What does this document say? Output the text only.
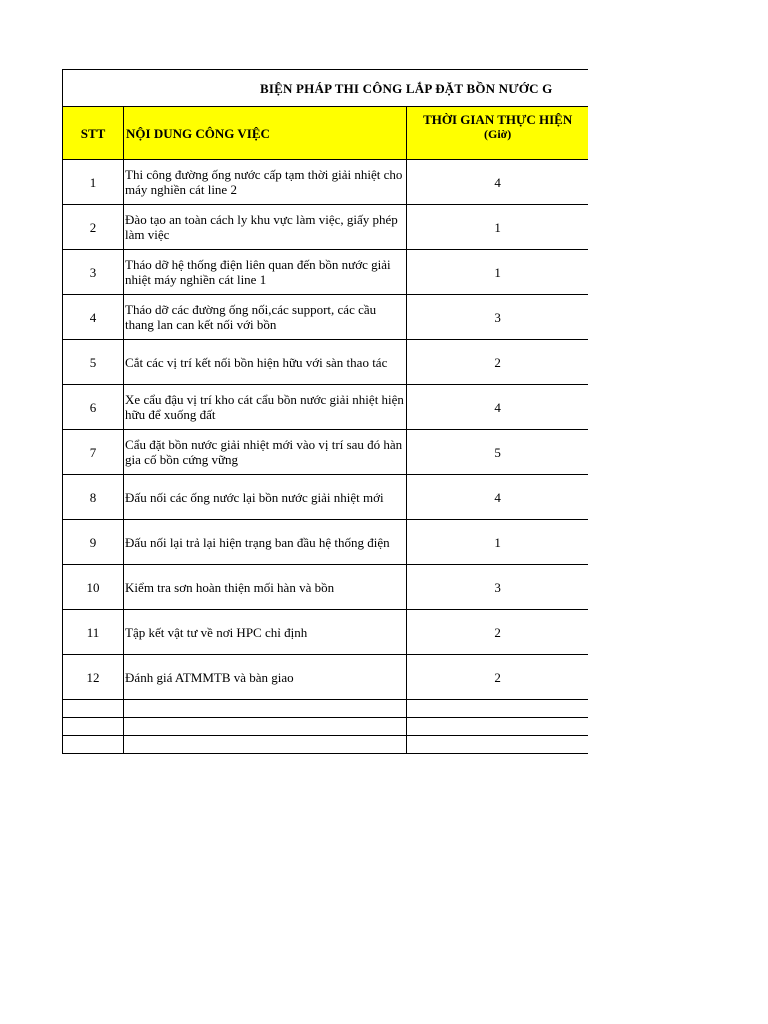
BIỆN PHÁP THI CÔNG LẮP ĐẶT BỒN NƯỚC G		
STT	NỘI DUNG CÔNG VIỆC	THỜI GIAN THỰC HIỆN
(Giờ)

1	Thi công đường ống nước cấp tạm thời giải nhiệt cho máy nghiền cát line 2	4
2	Đào tạo an toàn cách ly khu vực làm việc, giấy phép làm việc	1
3	Tháo dỡ hệ thống điện liên quan đến bồn nước giải nhiệt máy nghiền cát line 1	1
4	Tháo dỡ các đường ống nối,các support, các cầu thang lan can kết nối với bồn	3
5	Cắt các vị trí kết nối bồn hiện hữu với sàn thao tác	2
6	Xe cẩu đậu vị trí kho cát cẩu bồn nước giải nhiệt hiện hữu để xuống đất	4
7	Cẩu đặt bồn nước giải nhiệt mới vào vị trí sau đó hàn gia cố bồn cứng vững	5
8	Đấu nối các ống nước lại bồn nước giải nhiệt mới	4
9	Đấu nối lại trả lại hiện trạng ban đầu hệ thống điện	1
10	Kiểm tra sơn hoàn thiện mối hàn và bồn	3
11	Tập kết vật tư về nơi HPC chỉ định	2
12	Đánh giá ATMMTB và bàn giao	2
